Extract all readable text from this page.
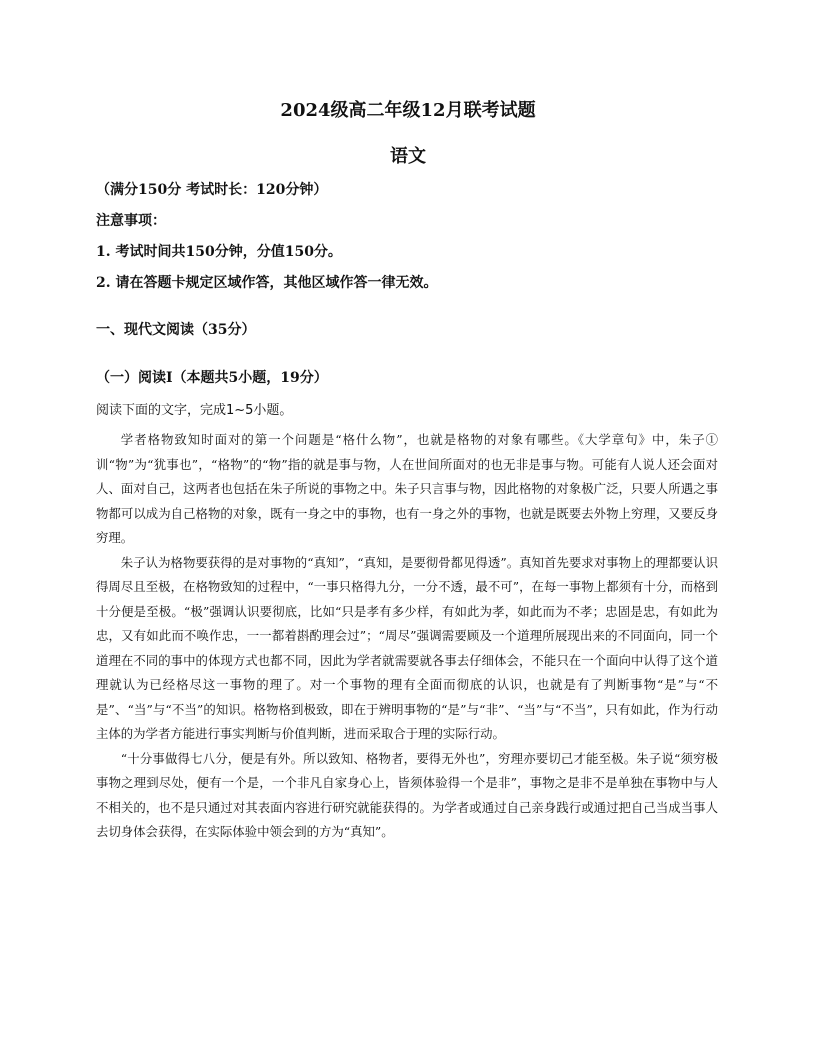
2024级高二年级12月联考试题
语文
（满分150分 考试时长：120分钟）
注意事项：
1. 考试时间共150分钟，分值150分。
2. 请在答题卡规定区域作答，其他区域作答一律无效。
一、现代文阅读（35分）
（一）阅读Ⅰ（本题共5小题，19分）
阅读下面的文字，完成1~5小题。

学者格物致知时面对的第一个问题是“格什么物”，也就是格物的对象有哪些。《大学章句》中，朱子①训“物”为“犹事也”，“格物”的“物”指的就是事与物，人在世间所面对的也无非是事与物。可能有人说人还会面对人、面对自己，这两者也包括在朱子所说的事物之中。朱子只言事与物，因此格物的对象极广泛，只要人所遇之事物都可以成为自己格物的对象，既有一身之中的事物，也有一身之外的事物，也就是既要去外物上穷理，又要反身穷理。

朱子认为格物要获得的是对事物的“真知”，“真知，是要彻骨都见得透”。真知首先要求对事物上的理都要认识得周尽且至极，在格物致知的过程中，“一事只格得九分，一分不透，最不可”，在每一事物上都须有十分，而格到十分便是至极。“极”强调认识要彻底，比如“只是孝有多少样，有如此为孝，如此而为不孝；忠固是忠，有如此为忠，又有如此而不唤作忠，一一都着斟酌理会过”；“周尽”强调需要顾及一个道理所展现出来的不同面向，同一个道理在不同的事中的体现方式也都不同，因此为学者就需要就各事去仔细体会，不能只在一个面向中认得了这个道理就认为已经格尽这一事物的理了。对一个事物的理有全面而彻底的认识，也就是有了判断事物“是”与“不是”、“当”与“不当”的知识。格物格到极致，即在于辨明事物的“是”与“非”、“当”与“不当”，只有如此，作为行动主体的为学者方能进行事实判断与价值判断，进而采取合于理的实际行动。

“十分事做得七八分，便是有外。所以致知、格物者，要得无外也”，穷理亦要切己才能至极。朱子说“须穷极事物之理到尽处，便有一个是，一个非凡自家身心上，皆须体验得一个是非”，事物之是非不是单独在事物中与人不相关的，也不是只通过对其表面内容进行研究就能获得的。为学者或通过自己亲身践行或通过把自己当成当事人去切身体会获得，在实际体验中领会到的方为“真知”。
